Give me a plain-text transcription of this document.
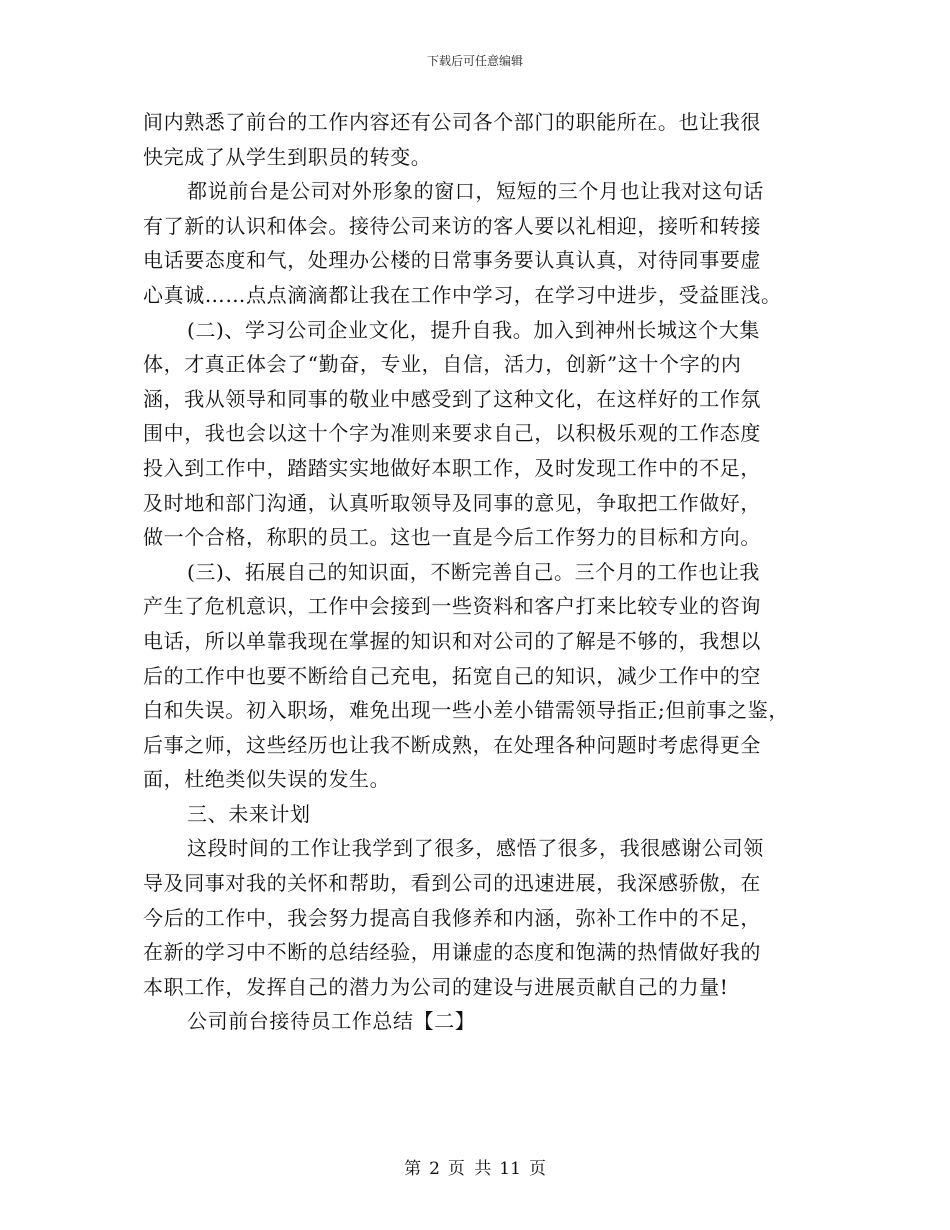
下载后可任意编辑
间内熟悉了前台的工作内容还有公司各个部门的职能所在。也让我很
快完成了从学生到职员的转变。
都说前台是公司对外形象的窗口，短短的三个月也让我对这句话
有了新的认识和体会。接待公司来访的客人要以礼相迎，接听和转接
电话要态度和气，处理办公楼的日常事务要认真认真，对待同事要虚
心真诚……点点滴滴都让我在工作中学习，在学习中进步，受益匪浅。
(二)、学习公司企业文化，提升自我。加入到神州长城这个大集
体，才真正体会了“勤奋，专业，自信，活力，创新”这十个字的内
涵，我从领导和同事的敬业中感受到了这种文化，在这样好的工作氛
围中，我也会以这十个字为准则来要求自己，以积极乐观的工作态度
投入到工作中，踏踏实实地做好本职工作，及时发现工作中的不足，
及时地和部门沟通，认真听取领导及同事的意见，争取把工作做好，
做一个合格，称职的员工。这也一直是今后工作努力的目标和方向。
(三)、拓展自己的知识面，不断完善自己。三个月的工作也让我
产生了危机意识，工作中会接到一些资料和客户打来比较专业的咨询
电话，所以单靠我现在掌握的知识和对公司的了解是不够的，我想以
后的工作中也要不断给自己充电，拓宽自己的知识，减少工作中的空
白和失误。初入职场，难免出现一些小差小错需领导指正;但前事之鉴，
后事之师，这些经历也让我不断成熟，在处理各种问题时考虑得更全
面，杜绝类似失误的发生。
三、未来计划
这段时间的工作让我学到了很多，感悟了很多，我很感谢公司领
导及同事对我的关怀和帮助，看到公司的迅速进展，我深感骄傲，在
今后的工作中，我会努力提高自我修养和内涵，弥补工作中的不足，
在新的学习中不断的总结经验，用谦虚的态度和饱满的热情做好我的
本职工作，发挥自己的潜力为公司的建设与进展贡献自己的力量!
公司前台接待员工作总结【二】
第 2 页 共 11 页
